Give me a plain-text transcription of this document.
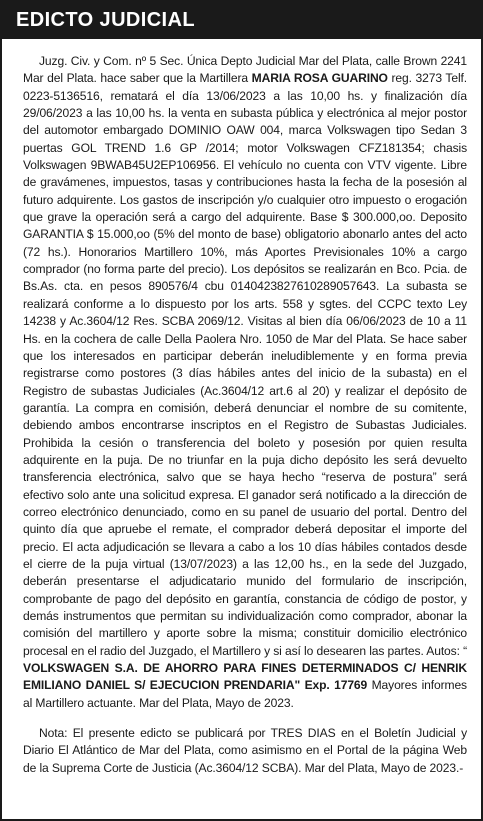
EDICTO JUDICIAL

Juzg. Civ. y Com. nº 5 Sec. Única Depto Judicial Mar del Plata, calle Brown 2241 Mar del Plata. hace saber que la Martillera MARIA ROSA GUARINO reg. 3273 Telf. 0223-5136516, rematará el día 13/06/2023 a las 10,00 hs. y finalización día 29/06/2023 a las 10,00 hs. la venta en subasta pública y electrónica al mejor postor del automotor embargado DOMINIO OAW 004, marca Volkswagen tipo Sedan 3 puertas GOL TREND 1.6 GP /2014; motor Volkswagen CFZ181354; chasis Volkswagen 9BWAB45U2EP106956. El vehículo no cuenta con VTV vigente. Libre de gravámenes, impuestos, tasas y contribuciones hasta la fecha de la posesión al futuro adquirente. Los gastos de inscripción y/o cualquier otro impuesto o erogación que grave la operación será a cargo del adquirente. Base $ 300.000,oo. Deposito GARANTIA $ 15.000,oo (5% del monto de base) obligatorio abonarlo antes del acto (72 hs.). Honorarios Martillero 10%, más Aportes Previsionales 10% a cargo comprador (no forma parte del precio). Los depósitos se realizarán en Bco. Pcia. de Bs.As. cta. en pesos 890576/4 cbu 0140423827610289057643. La subasta se realizará conforme a lo dispuesto por los arts. 558 y sgtes. del CCPC texto Ley 14238 y Ac.3604/12 Res. SCBA 2069/12. Visitas al bien día 06/06/2023 de 10 a 11 Hs. en la cochera de calle Della Paolera Nro. 1050 de Mar del Plata. Se hace saber que los interesados en participar deberán ineludiblemente y en forma previa registrarse como postores (3 días hábiles antes del inicio de la subasta) en el Registro de subastas Judiciales (Ac.3604/12 art.6 al 20) y realizar el depósito de garantía. La compra en comisión, deberá denunciar el nombre de su comitente, debiendo ambos encontrarse inscriptos en el Registro de Subastas Judiciales. Prohibida la cesión o transferencia del boleto y posesión por quien resulta adquirente en la puja. De no triunfar en la puja dicho depósito les será devuelto transferencia electrónica, salvo que se haya hecho “reserva de postura” será efectivo solo ante una solicitud expresa. El ganador será notificado a la dirección de correo electrónico denunciado, como en su panel de usuario del portal. Dentro del quinto día que apruebe el remate, el comprador deberá depositar el importe del precio. El acta adjudicación se llevara a cabo a los 10 días hábiles contados desde el cierre de la puja virtual (13/07/2023) a las 12,00 hs., en la sede del Juzgado, deberán presentarse el adjudicatario munido del formulario de inscripción, comprobante de pago del depósito en garantía, constancia de código de postor, y demás instrumentos que permitan su individualización como comprador, abonar la comisión del martillero y aporte sobre la misma; constituir domicilio electrónico procesal en el radio del Juzgado, el Martillero y si así lo desearen las partes. Autos: “ VOLKSWAGEN S.A. DE AHORRO PARA FINES DETERMINADOS C/ HENRIK EMILIANO DANIEL S/ EJECUCION PRENDARIA" Exp. 17769 Mayores informes al Martillero actuante. Mar del Plata, Mayo de 2023.

Nota: El presente edicto se publicará por TRES DIAS en el Boletín Judicial y Diario El Atlántico de Mar del Plata, como asimismo en el Portal de la página Web de la Suprema Corte de Justicia (Ac.3604/12 SCBA). Mar del Plata, Mayo de 2023.-
